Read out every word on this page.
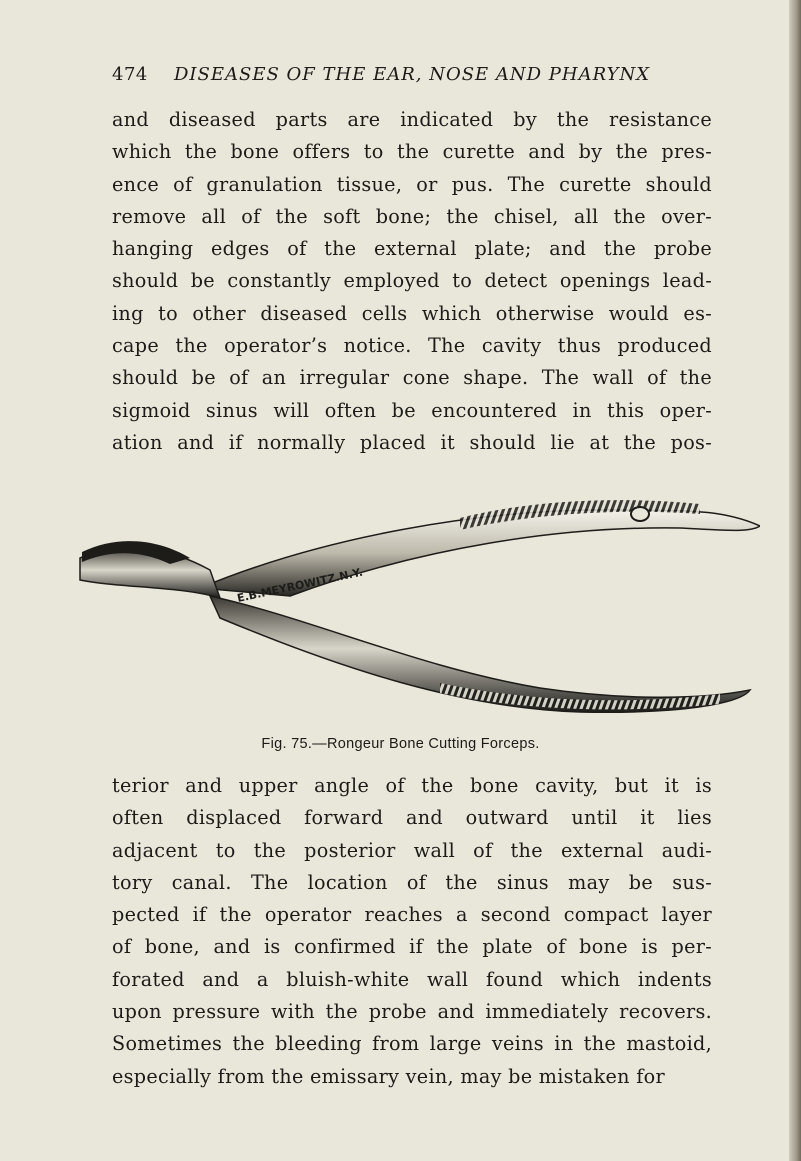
474 DISEASES OF THE EAR, NOSE AND PHARYNX
and diseased parts are indicated by the resistance
which the bone offers to the curette and by the pres-
ence of granulation tissue, or pus. The curette should
remove all of the soft bone; the chisel, all the over-
hanging edges of the external plate; and the probe
should be constantly employed to detect openings lead-
ing to other diseased cells which otherwise would es-
cape the operator’s notice. The cavity thus produced
should be of an irregular cone shape. The wall of the
sigmoid sinus will often be encountered in this oper-
ation and if normally placed it should lie at the pos-
E.B.MEYROWITZ.N.Y.
Fig. 75.—Rongeur Bone Cutting Forceps.
terior and upper angle of the bone cavity, but it is
often displaced forward and outward until it lies
adjacent to the posterior wall of the external audi-
tory canal. The location of the sinus may be sus-
pected if the operator reaches a second compact layer
of bone, and is confirmed if the plate of bone is per-
forated and a bluish-white wall found which indents
upon pressure with the probe and immediately recovers.
Sometimes the bleeding from large veins in the mastoid,
especially from the emissary vein, may be mistaken for
